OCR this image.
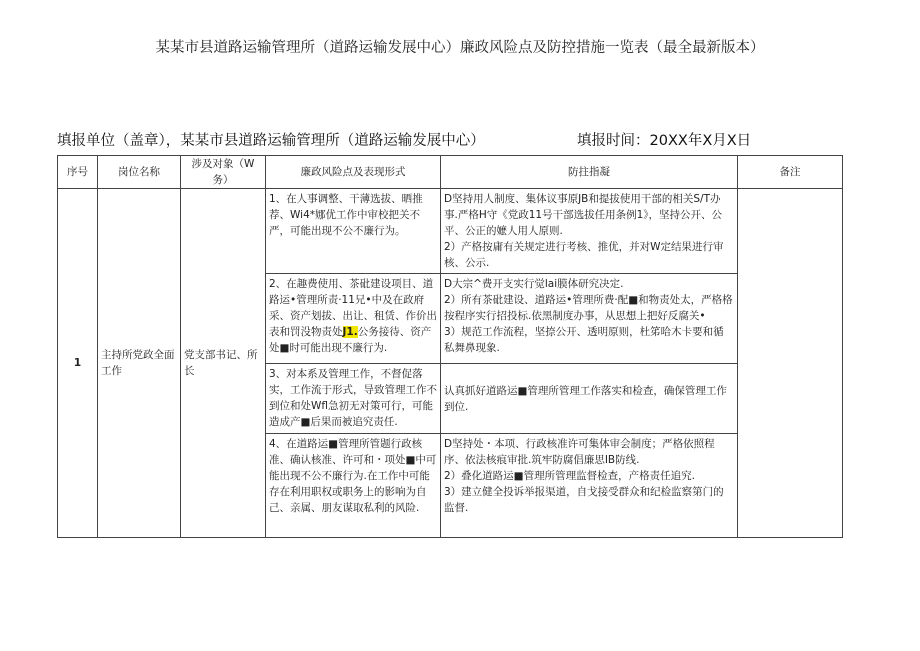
某某市县道路运输管理所（道路运输发展中心）廉政风险点及防控措施一览表（最全最新版本）
填报单位（盖章），某某市县道路运输管理所（道路运输发展中心）	填报时间：20XX年X月X日
序号	岗位名称	涉及对象（W务）	廉政风险点及表现形式	防拄指凝	备注
1	主持所党政全面工作	党支部书记、所长	1、在人事调整、干薄选拔、晒推荐、Wi4*娜优工作中审校把关不严，可能出现不公不廉行为。	D坚持用人制度、集体议事原JB和提拔使用干部的相关S/T办事.严格H守《党政11号干部选拔任用条例1》，坚持公开、公平、公正的嬷人用人原则.
2）产格按庸有关规定进行考核、推优，并对W定结果进行审核、公示.	

			2、在趣费使用、茶砒建设项目、道路运•管理所责·11兄•中及在政府采、资产划拔、出让、租赁、作价出表和罚没物责处J1.公务接待、资产处■时可能出现不廉行为.	D大宗^费开支实行觉lai膜体研究决定.
2）所有茶砒建设、道路运•管理所费·配■和物责处太，严格格按程序实行招投标.依黑制度办事，从思想上把好反腐关•
3）规范工作流程，坚捺公开、透明原则，杜笫哈木卡要和循私舞鼻现象.	

			3、对本系及管理工作，不督促落实，工作流于形式，导致管理工作不到位和处Wfl急初无对策可行，可能造成产■后果而被追究责任.	认真抓好道路运■管理所管理工作落实和检查，确保管理工作到位.	

			4、在道路运■管理所管题行政核准、确认核准、许可和・项处■中可能出现不公不廉行为.在工作中可能存在利用职权或职务上的影响为自己、亲属、朋友谋取私利的风险.	D坚持处・本项、行政核准许可集体审会制度；严格依照程序、依法核痕审批.筑牢防腐倡廉思IB防线.
2）叠化道路运■管理所管理监督检查，产格责任追究.
3）建立健全投诉举报渠道，自戈接受群众和纪检监察第门的监督.	
